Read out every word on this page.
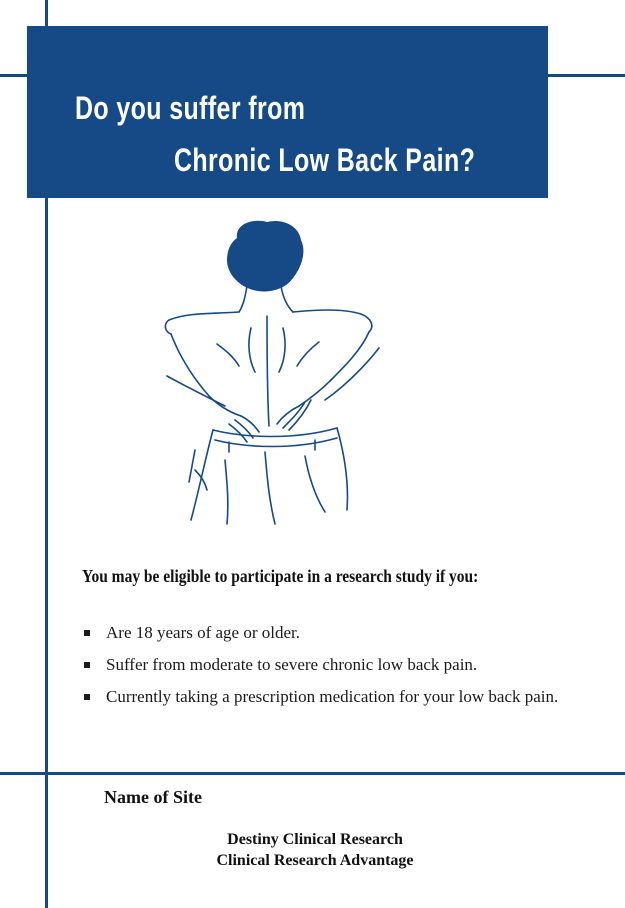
Do you suffer from
Chronic Low Back Pain?
You may be eligible to participate in a research study if you:
Are 18 years of age or older.
Suffer from moderate to severe chronic low back pain.
Currently taking a prescription medication for your low back pain.
Name of Site
Destiny Clinical Research
Clinical Research Advantage
